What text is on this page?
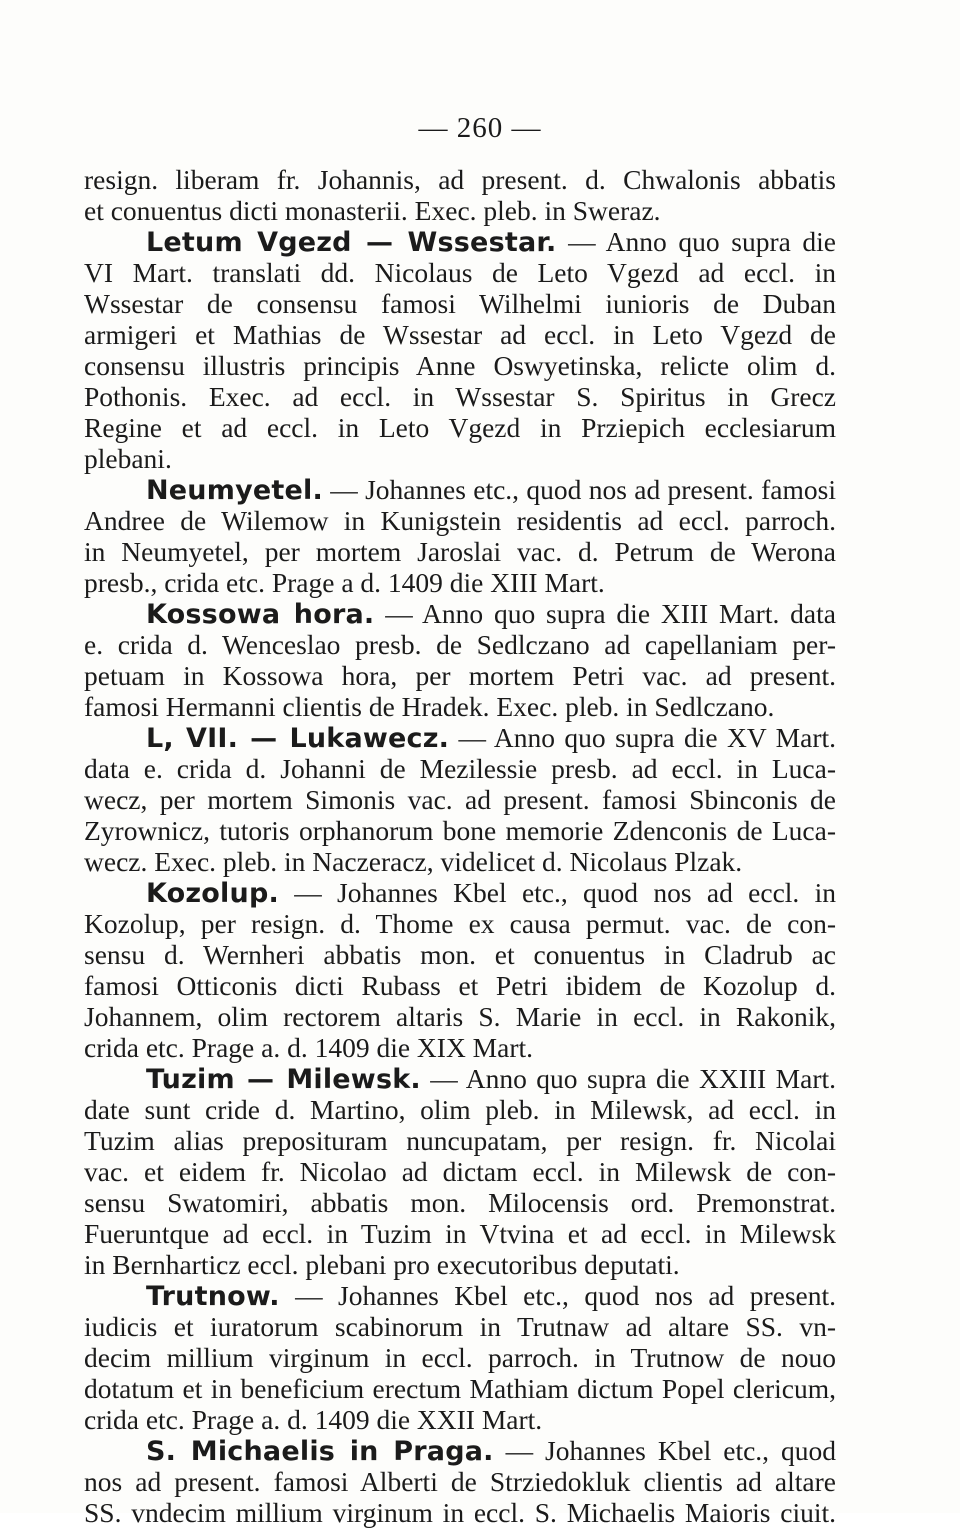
— 260 —
resign. liberam fr. Johannis, ad present. d. Chwalonis abbatis
et conuentus dicti monasterii. Exec. pleb. in Sweraz.
Letum Vgezd — Wssestar. — Anno quo supra die
VI Mart. translati dd. Nicolaus de Leto Vgezd ad eccl. in
Wssestar de consensu famosi Wilhelmi iunioris de Duban
armigeri et Mathias de Wssestar ad eccl. in Leto Vgezd de
consensu illustris principis Anne Oswyetinska, relicte olim d.
Pothonis. Exec. ad eccl. in Wssestar S. Spiritus in Grecz
Regine et ad eccl. in Leto Vgezd in Prziepich ecclesiarum
plebani.
Neumyetel. — Johannes etc., quod nos ad present. famosi
Andree de Wilemow in Kunigstein residentis ad eccl. parroch.
in Neumyetel, per mortem Jaroslai vac. d. Petrum de Werona
presb., crida etc. Prage a d. 1409 die XIII Mart.
Kossowa hora. — Anno quo supra die XIII Mart. data
e. crida d. Wenceslao presb. de Sedlczano ad capellaniam per-
petuam in Kossowa hora, per mortem Petri vac. ad present.
famosi Hermanni clientis de Hradek. Exec. pleb. in Sedlczano.
L, VII. — Lukawecz. — Anno quo supra die XV Mart.
data e. crida d. Johanni de Mezilessie presb. ad eccl. in Luca-
wecz, per mortem Simonis vac. ad present. famosi Sbinconis de
Zyrownicz, tutoris orphanorum bone memorie Zdenconis de Luca-
wecz. Exec. pleb. in Naczeracz, videlicet d. Nicolaus Plzak.
Kozolup. — Johannes Kbel etc., quod nos ad eccl. in
Kozolup, per resign. d. Thome ex causa permut. vac. de con-
sensu d. Wernheri abbatis mon. et conuentus in Cladrub ac
famosi Otticonis dicti Rubass et Petri ibidem de Kozolup d.
Johannem, olim rectorem altaris S. Marie in eccl. in Rakonik,
crida etc. Prage a. d. 1409 die XIX Mart.
Tuzim — Milewsk. — Anno quo supra die XXIII Mart.
date sunt cride d. Martino, olim pleb. in Milewsk, ad eccl. in
Tuzim alias preposituram nuncupatam, per resign. fr. Nicolai
vac. et eidem fr. Nicolao ad dictam eccl. in Milewsk de con-
sensu Swatomiri, abbatis mon. Milocensis ord. Premonstrat.
Fueruntque ad eccl. in Tuzim in Vtvina et ad eccl. in Milewsk
in Bernharticz eccl. plebani pro executoribus deputati.
Trutnow. — Johannes Kbel etc., quod nos ad present.
iudicis et iuratorum scabinorum in Trutnaw ad altare SS. vn-
decim millium virginum in eccl. parroch. in Trutnow de nouo
dotatum et in beneficium erectum Mathiam dictum Popel clericum,
crida etc. Prage a. d. 1409 die XXII Mart.
S. Michaelis in Praga. — Johannes Kbel etc., quod
nos ad present. famosi Alberti de Strziedokluk clientis ad altare
SS. vndecim millium virginum in eccl. S. Michaelis Maioris ciuit.
